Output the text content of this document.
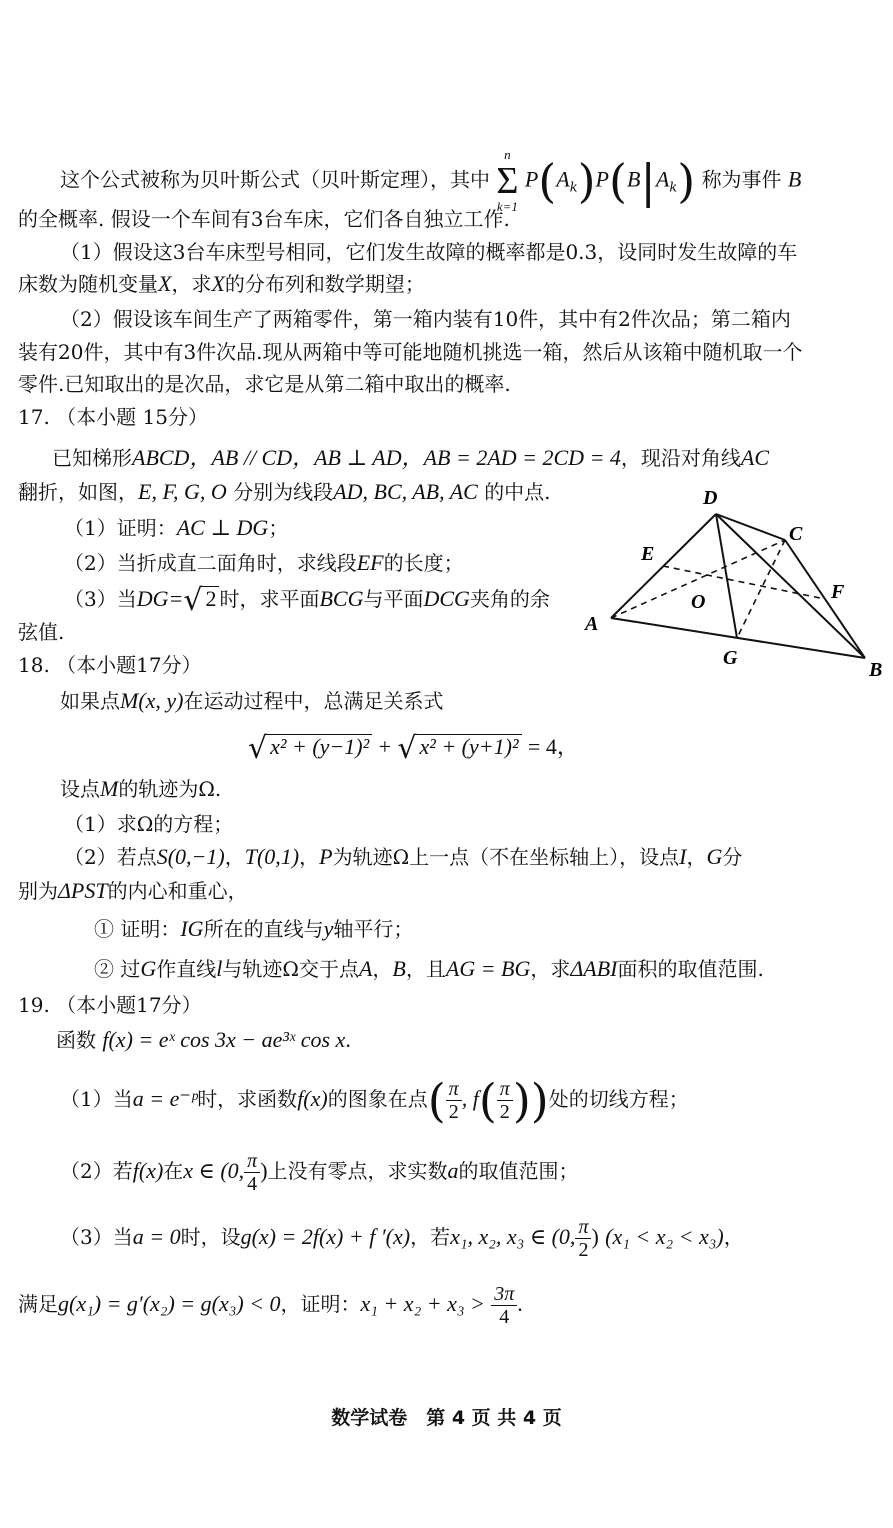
这个公式被称为贝叶斯公式（贝叶斯定理），其中
n
Σ
k=1
$P(A_k)P(B|A_k)$ 称为事件 B
的全概率. 假设一个车间有3台车床，它们各自独立工作.
（1）假设这3台车床型号相同，它们发生故障的概率都是0.3，设同时发生故障的车
床数为随机变量X，求X的分布列和数学期望；
（2）假设该车间生产了两箱零件，第一箱内装有10件，其中有2件次品；第二箱内
装有20件，其中有3件次品.现从两箱中等可能地随机挑选一箱，然后从该箱中随机取一个
零件.已知取出的是次品，求它是从第二箱中取出的概率.
17. （本小题 15分）
已知梯形ABCD，AB // CD，AB ⊥ AD，AB = 2AD = 2CD = 4，现沿对角线AC
翻折，如图，E, F, G, O 分别为线段AD, BC, AB, AC 的中点.
（1）证明：AC ⊥ DG；
（2）当折成直二面角时，求线段EF的长度；
（3）当DG=√ 2 时，求平面BCG与平面DCG夹角的余
弦值.
D
C
E
O	F
A
G
B
18. （本小题17分）
如果点M(x, y)在运动过程中，总满足关系式
√ x² + (y−1)² + √ x² + (y+1)² = 4，
设点M的轨迹为Ω.
（1）求Ω的方程；
（2）若点S(0,−1)，T(0,1)，P为轨迹Ω上一点（不在坐标轴上），设点I，G分
别为ΔPST的内心和重心，
① 证明：IG所在的直线与y轴平行；
② 过G作直线l与轨迹Ω交于点A，B，且AG = BG，求ΔABI面积的取值范围.
19. （本小题17分）
函数 f(x) = eˣ cos 3x − ae³ˣ cos x.
（1）当a = e⁻ᵖ时，求函数f(x)的图象在点( $\frac{\pi}{2}$ , $f( \frac{\pi}{2}$ ))处的切线方程；
（2）若f(x)在x ∈ (0, $\frac{\pi}{4}$ )上没有零点，求实数a的取值范围；
（3）当a = 0时，设g(x) = 2f(x) + f ′(x)，若x₁, x₂, x₃ ∈ (0, $\frac{\pi}{2}$ ) (x₁ < x₂ < x₃)，
满足g(x₁) = g′(x₂) = g(x₃) < 0，证明：$x_1 + x_2 + x_3 > \frac{3\pi}{4}$ .
数学试卷　第 4 页 共 4 页
